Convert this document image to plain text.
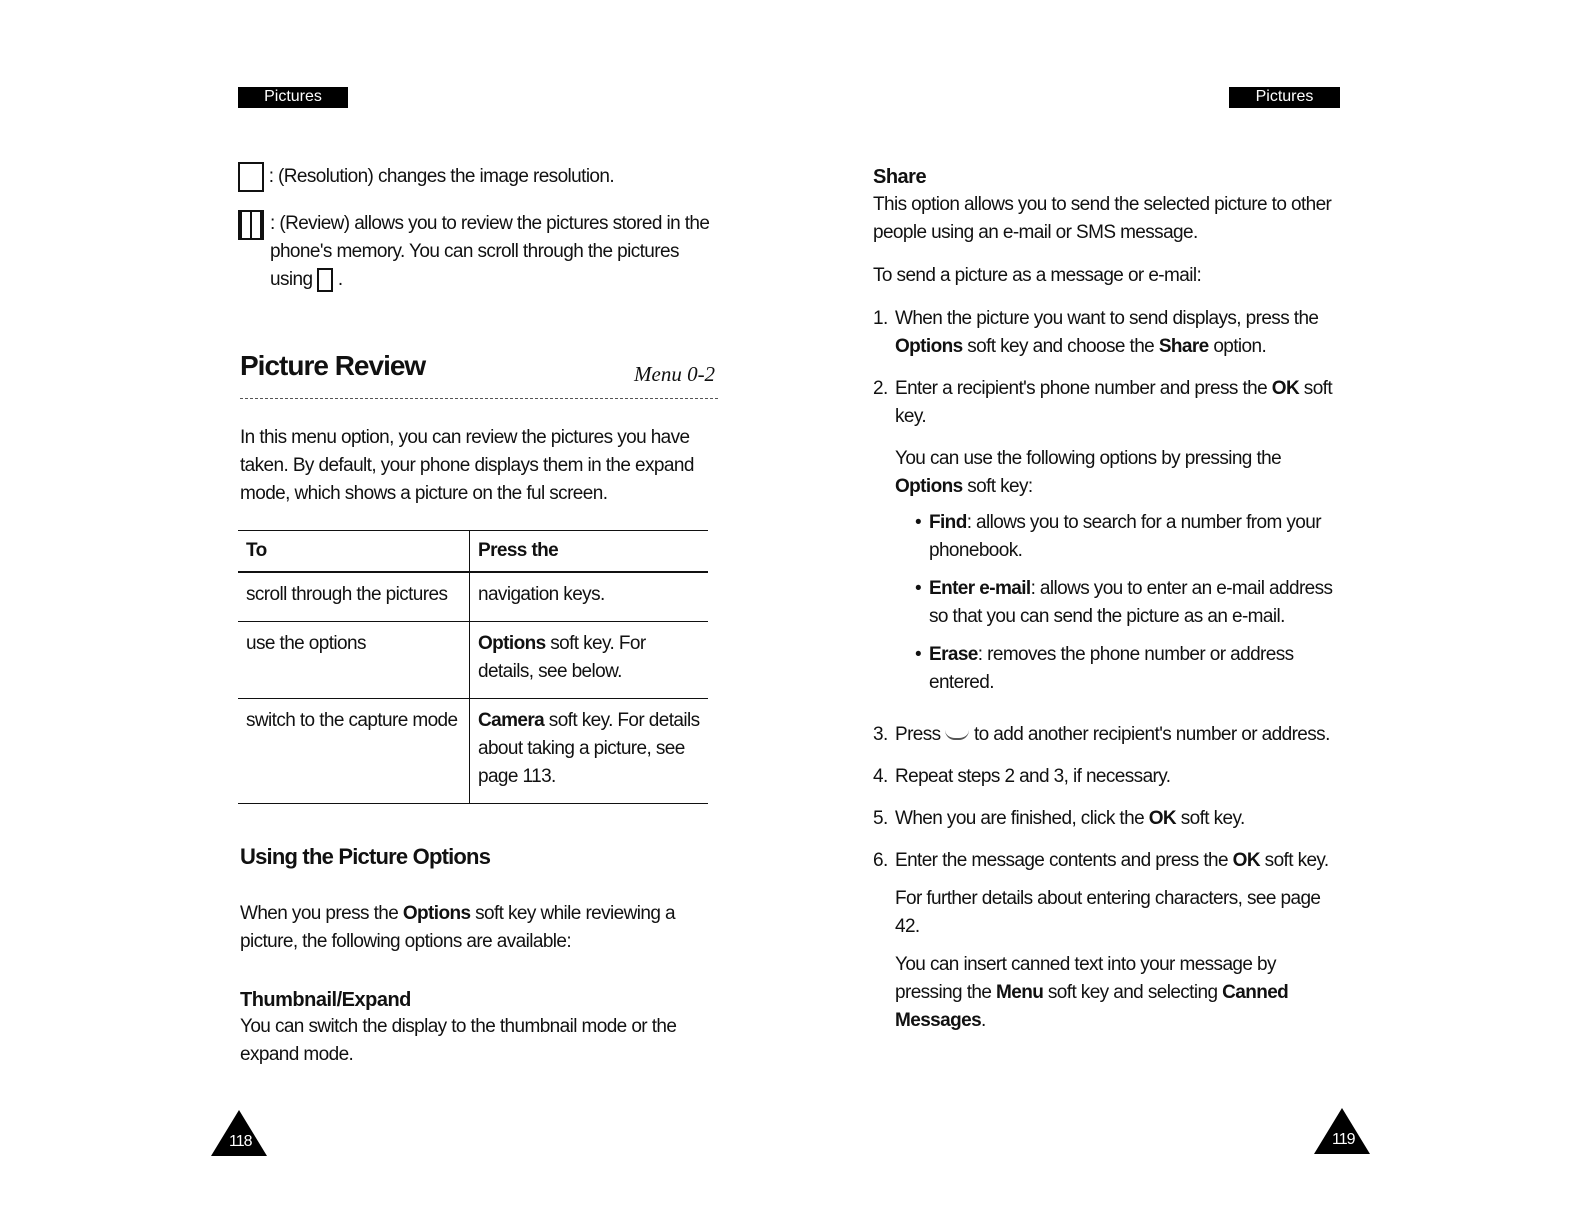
Pictures	Pictures
: (Resolution) changes the image resolution.

: (Review) allows you to review the pictures stored in the phone's memory. You can scroll through the pictures using .

Picture Review	Menu 0-2

In this menu option, you can review the pictures you have taken. By default, your phone displays them in the expand mode, which shows a picture on the ful screen.

To	Press the
scroll through the pictures	navigation keys.
use the options	Options soft key. For details, see below.
switch to the capture mode	Camera soft key. For details about taking a picture, see page 113.
Using the Picture Options

When you press the Options soft key while reviewing a picture, the following options are available:

Thumbnail/Expand

You can switch the display to the thumbnail mode or the expand mode.

118
Share

This option allows you to send the selected picture to other people using an e-mail or SMS message.

To send a picture as a message or e-mail:

1. When the picture you want to send displays, press the Options soft key and choose the Share option.
2. Enter a recipient's phone number and press the OK soft key.

You can use the following options by pressing the Options soft key:

• Find: allows you to search for a number from your phonebook.
• Enter e-mail: allows you to enter an e-mail address so that you can send the picture as an e-mail.
• Erase: removes the phone number or address entered.
3. Press to add another recipient's number or address.
4. Repeat steps 2 and 3, if necessary.
5. When you are finished, click the OK soft key.
6. Enter the message contents and press the OK soft key.

For further details about entering characters, see page 42.

You can insert canned text into your message by pressing the Menu soft key and selecting Canned Messages.

119
